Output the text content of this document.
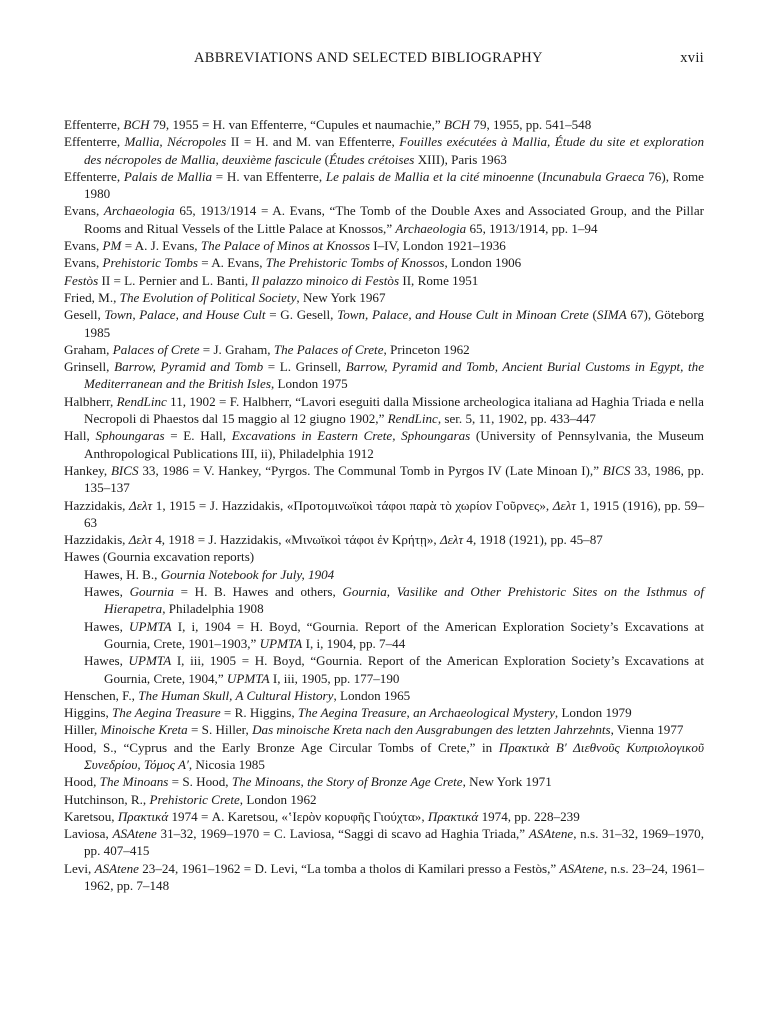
ABBREVIATIONS AND SELECTED BIBLIOGRAPHY	xvii
Effenterre, BCH 79, 1955 = H. van Effenterre, “Cupules et naumachie,” BCH 79, 1955, pp. 541–548
Effenterre, Mallia, Nécropoles II = H. and M. van Effenterre, Fouilles exécutées à Mallia, Étude du site et exploration des nécropoles de Mallia, deuxième fascicule (Études crétoises XIII), Paris 1963
Effenterre, Palais de Mallia = H. van Effenterre, Le palais de Mallia et la cité minoenne (Incunabula Graeca 76), Rome 1980
Evans, Archaeologia 65, 1913/1914 = A. Evans, “The Tomb of the Double Axes and Associated Group, and the Pillar Rooms and Ritual Vessels of the Little Palace at Knossos,” Archaeologia 65, 1913/1914, pp. 1–94
Evans, PM = A. J. Evans, The Palace of Minos at Knossos I–IV, London 1921–1936
Evans, Prehistoric Tombs = A. Evans, The Prehistoric Tombs of Knossos, London 1906
Festòs II = L. Pernier and L. Banti, Il palazzo minoico di Festòs II, Rome 1951
Fried, M., The Evolution of Political Society, New York 1967
Gesell, Town, Palace, and House Cult = G. Gesell, Town, Palace, and House Cult in Minoan Crete (SIMA 67), Göteborg 1985
Graham, Palaces of Crete = J. Graham, The Palaces of Crete, Princeton 1962
Grinsell, Barrow, Pyramid and Tomb = L. Grinsell, Barrow, Pyramid and Tomb, Ancient Burial Customs in Egypt, the Mediterranean and the British Isles, London 1975
Halbherr, RendLinc 11, 1902 = F. Halbherr, “Lavori eseguiti dalla Missione archeologica italiana ad Haghia Triada e nella Necropoli di Phaestos dal 15 maggio al 12 giugno 1902,” RendLinc, ser. 5, 11, 1902, pp. 433–447
Hall, Sphoungaras = E. Hall, Excavations in Eastern Crete, Sphoungaras (University of Pennsylvania, the Museum Anthropological Publications III, ii), Philadelphia 1912
Hankey, BICS 33, 1986 = V. Hankey, “Pyrgos. The Communal Tomb in Pyrgos IV (Late Minoan I),” BICS 33, 1986, pp. 135–137
Hazzidakis, Δελτ 1, 1915 = J. Hazzidakis, «Προτομινωϊκοὶ τάφοι παρὰ τὸ χωρίον Γοῦρνες», Δελτ 1, 1915 (1916), pp. 59–63
Hazzidakis, Δελτ 4, 1918 = J. Hazzidakis, «Μινωϊκοὶ τάφοι ἐν Κρήτῃ», Δελτ 4, 1918 (1921), pp. 45–87
Hawes (Gournia excavation reports)
Hawes, H. B., Gournia Notebook for July, 1904
Hawes, Gournia = H. B. Hawes and others, Gournia, Vasilike and Other Prehistoric Sites on the Isthmus of Hierapetra, Philadelphia 1908
Hawes, UPMTA I, i, 1904 = H. Boyd, “Gournia. Report of the American Exploration Society’s Excavations at Gournia, Crete, 1901–1903,” UPMTA I, i, 1904, pp. 7–44
Hawes, UPMTA I, iii, 1905 = H. Boyd, “Gournia. Report of the American Exploration Society’s Excavations at Gournia, Crete, 1904,” UPMTA I, iii, 1905, pp. 177–190
Henschen, F., The Human Skull, A Cultural History, London 1965
Higgins, The Aegina Treasure = R. Higgins, The Aegina Treasure, an Archaeological Mystery, London 1979
Hiller, Minoische Kreta = S. Hiller, Das minoische Kreta nach den Ausgrabungen des letzten Jahrzehnts, Vienna 1977
Hood, S., “Cyprus and the Early Bronze Age Circular Tombs of Crete,” in Πρακτικὰ Β′ Διεθνοῦς Κυπριολογικοῦ Συνεδρίου, Τόμος Α′, Nicosia 1985
Hood, The Minoans = S. Hood, The Minoans, the Story of Bronze Age Crete, New York 1971
Hutchinson, R., Prehistoric Crete, London 1962
Karetsou, Πρακτικά 1974 = A. Karetsou, «ʽΙερὸν κορυφῆς Γιούχτα», Πρακτικά 1974, pp. 228–239
Laviosa, ASAtene 31–32, 1969–1970 = C. Laviosa, “Saggi di scavo ad Haghia Triada,” ASAtene, n.s. 31–32, 1969–1970, pp. 407–415
Levi, ASAtene 23–24, 1961–1962 = D. Levi, “La tomba a tholos di Kamilari presso a Festòs,” ASAtene, n.s. 23–24, 1961–1962, pp. 7–148
